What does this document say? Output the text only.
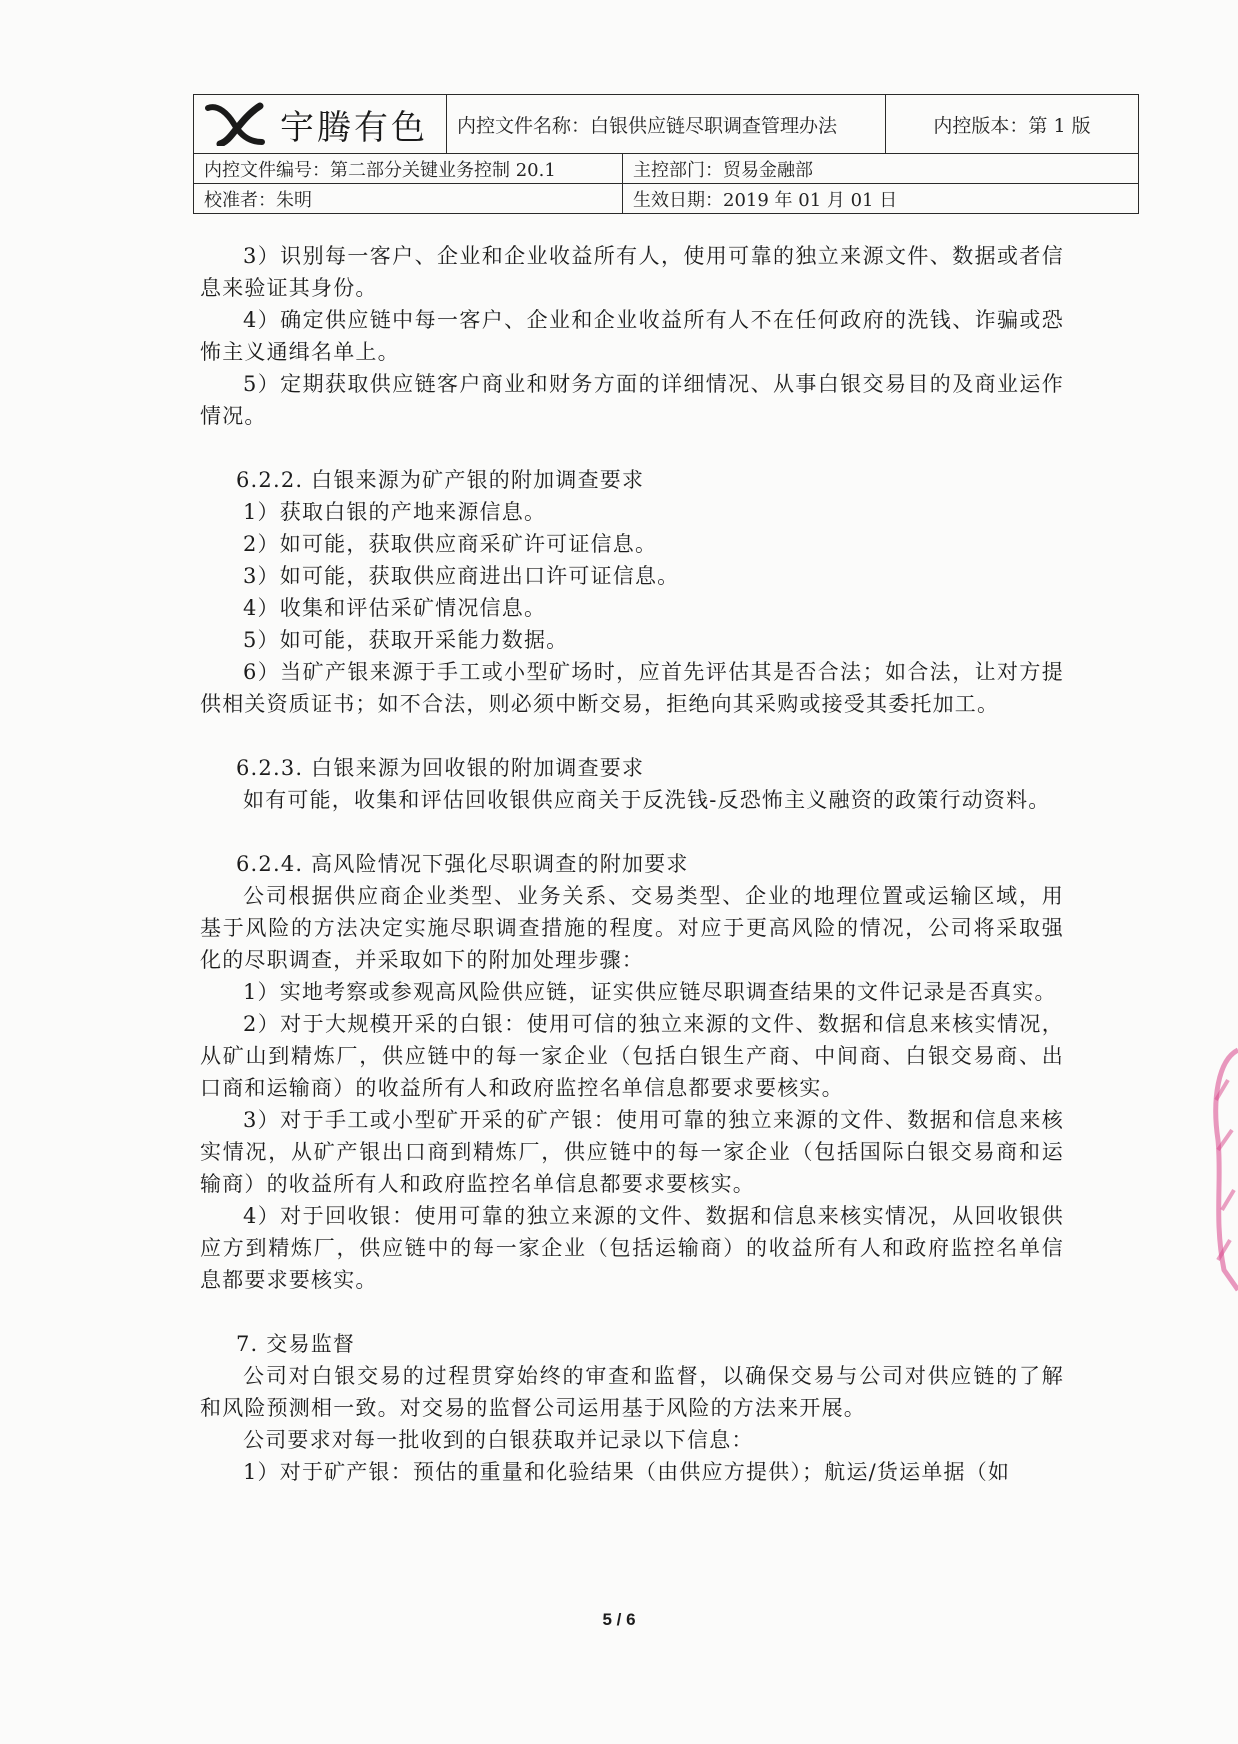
宇腾有色	内控文件名称：白银供应链尽职调查管理办法		内控版本：第 1 版
内控文件编号：第二部分关键业务控制 20.1		主控部门：贸易金融部	
校准者：朱明		生效日期：2019 年 01 月 01 日	

3）识别每一客户、企业和企业收益所有人，使用可靠的独立来源文件、数据或者信息来验证其身份。

4）确定供应链中每一客户、企业和企业收益所有人不在任何政府的洗钱、诈骗或恐怖主义通缉名单上。

5）定期获取供应链客户商业和财务方面的详细情况、从事白银交易目的及商业运作情况。

6.2.2. 白银来源为矿产银的附加调查要求

1）获取白银的产地来源信息。

2）如可能，获取供应商采矿许可证信息。

3）如可能，获取供应商进出口许可证信息。

4）收集和评估采矿情况信息。

5）如可能，获取开采能力数据。

6）当矿产银来源于手工或小型矿场时，应首先评估其是否合法；如合法，让对方提供相关资质证书；如不合法，则必须中断交易，拒绝向其采购或接受其委托加工。

6.2.3. 白银来源为回收银的附加调查要求

如有可能，收集和评估回收银供应商关于反洗钱-反恐怖主义融资的政策行动资料。

6.2.4. 高风险情况下强化尽职调查的附加要求

公司根据供应商企业类型、业务关系、交易类型、企业的地理位置或运输区域，用基于风险的方法决定实施尽职调查措施的程度。对应于更高风险的情况，公司将采取强化的尽职调查，并采取如下的附加处理步骤：

1）实地考察或参观高风险供应链，证实供应链尽职调查结果的文件记录是否真实。

2）对于大规模开采的白银：使用可信的独立来源的文件、数据和信息来核实情况，从矿山到精炼厂，供应链中的每一家企业（包括白银生产商、中间商、白银交易商、出口商和运输商）的收益所有人和政府监控名单信息都要求要核实。

3）对于手工或小型矿开采的矿产银：使用可靠的独立来源的文件、数据和信息来核实情况，从矿产银出口商到精炼厂，供应链中的每一家企业（包括国际白银交易商和运输商）的收益所有人和政府监控名单信息都要求要核实。

4）对于回收银：使用可靠的独立来源的文件、数据和信息来核实情况，从回收银供应方到精炼厂，供应链中的每一家企业（包括运输商）的收益所有人和政府监控名单信息都要求要核实。

7. 交易监督

公司对白银交易的过程贯穿始终的审查和监督，以确保交易与公司对供应链的了解和风险预测相一致。对交易的监督公司运用基于风险的方法来开展。

公司要求对每一批收到的白银获取并记录以下信息：

1）对于矿产银：预估的重量和化验结果（由供应方提供）；航运/货运单据（如

5 / 6
